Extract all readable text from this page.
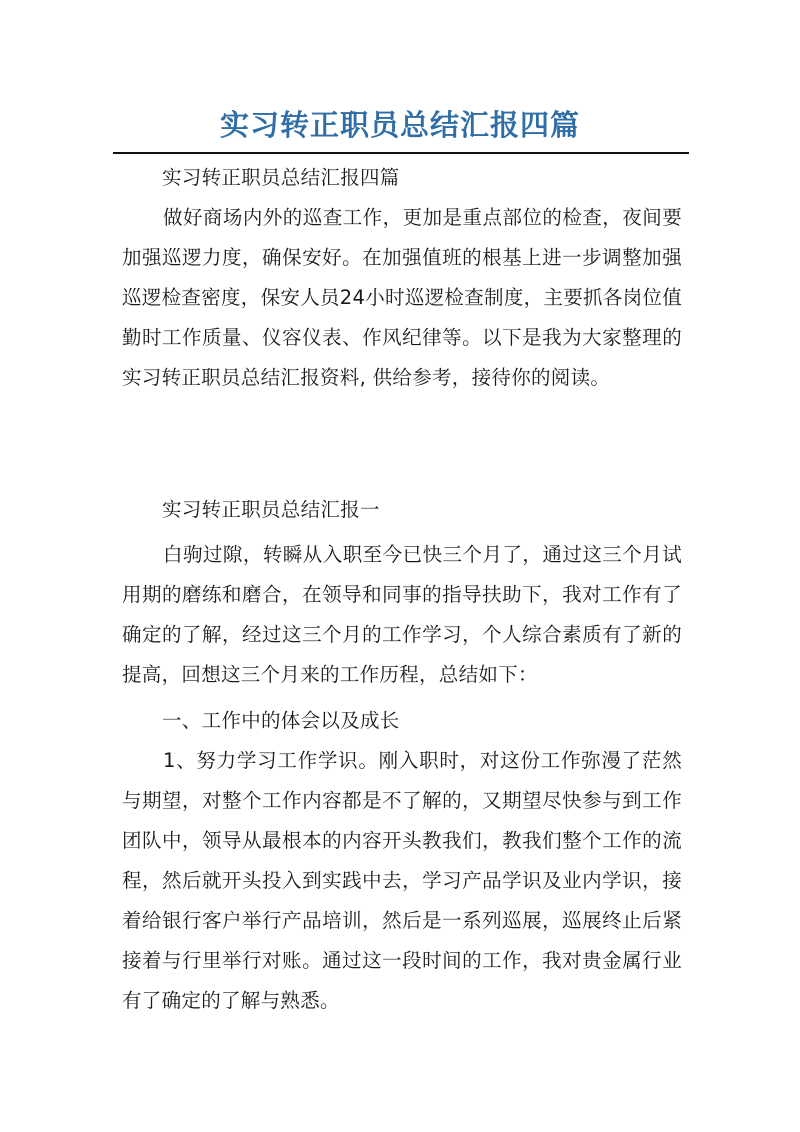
实习转正职员总结汇报四篇

实习转正职员总结汇报四篇

做好商场内外的巡查工作，更加是重点部位的检查，夜间要加强巡逻力度，确保安好。在加强值班的根基上进一步调整加强巡逻检查密度，保安人员24小时巡逻检查制度，主要抓各岗位值勤时工作质量、仪容仪表、作风纪律等。以下是我为大家整理的实习转正职员总结汇报资料, 供给参考，接待你的阅读。

实习转正职员总结汇报一

白驹过隙，转瞬从入职至今已快三个月了，通过这三个月试用期的磨练和磨合，在领导和同事的指导扶助下，我对工作有了确定的了解，经过这三个月的工作学习，个人综合素质有了新的提高，回想这三个月来的工作历程，总结如下：

一、工作中的体会以及成长

1、努力学习工作学识。刚入职时，对这份工作弥漫了茫然与期望，对整个工作内容都是不了解的，又期望尽快参与到工作团队中，领导从最根本的内容开头教我们，教我们整个工作的流程，然后就开头投入到实践中去，学习产品学识及业内学识，接着给银行客户举行产品培训，然后是一系列巡展，巡展终止后紧接着与行里举行对账。通过这一段时间的工作，我对贵金属行业有了确定的了解与熟悉。
